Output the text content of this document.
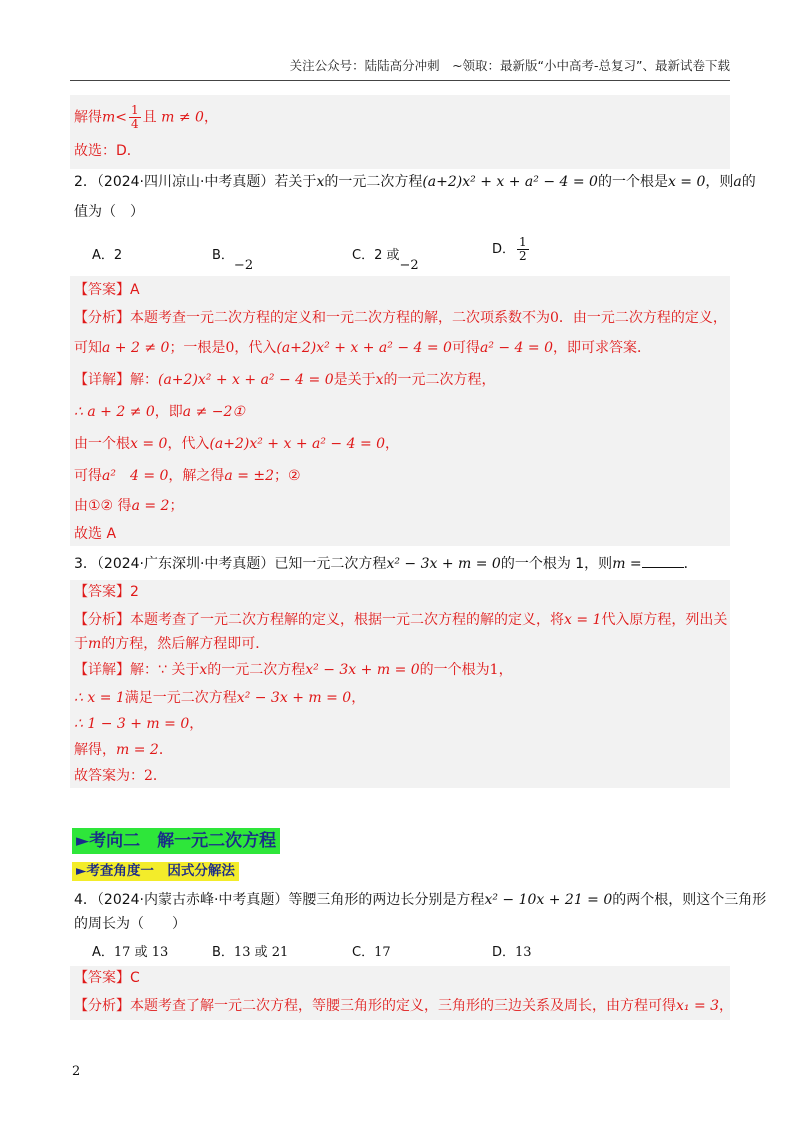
关注公众号：陆陆高分冲刺　~领取：最新版“小中高考-总复习”、最新试卷下载
解得$m< \frac{1}{4}$ 且 m ≠ 0，
故选：D．
2．（2024·四川凉山·中考真题）若关于x的一元二次方程(a+2)x² + x + a² − 4 = 0的一个根是x = 0，则a的
值为（　）
A．2	B．−2
C．2 或−2
D． $\frac{1}{2}$
【答案】A
【分析】本题考查一元二次方程的定义和一元二次方程的解，二次项系数不为0．由一元二次方程的定义，
可知a + 2 ≠ 0；一根是0，代入(a+2)x² + x + a² − 4 = 0可得a² − 4 = 0，即可求答案．
【详解】解：(a+2)x² + x + a² − 4 = 0是关于x的一元二次方程，
∴ a + 2 ≠ 0，即a ≠ −2①
由一个根x = 0，代入(a+2)x² + x + a² − 4 = 0，
可得a²　4 = 0，解之得a = ±2；②
由①② 得a = 2；
故选 A
3．（2024·广东深圳·中考真题）已知一元二次方程x² − 3x + m = 0的一个根为 1，则m =	．
【答案】2
【分析】本题考查了一元二次方程解的定义，根据一元二次方程的解的定义，将x = 1代入原方程，列出关
于m的方程，然后解方程即可．
【详解】解：∵ 关于x的一元二次方程x² − 3x + m = 0的一个根为1，
∴ x = 1满足一元二次方程x² − 3x + m = 0，
∴ 1 − 3 + m = 0，
解得，m = 2．
故答案为：2．
►考向二　解一元二次方程
►考查角度一　因式分解法
4．（2024·内蒙古赤峰·中考真题）等腰三角形的两边长分别是方程x² − 10x + 21 = 0的两个根，则这个三角形
的周长为（　　）
A．17 或 13	B．13 或 21	C．17	D．13
【答案】C
【分析】本题考查了解一元二次方程，等腰三角形的定义，三角形的三边关系及周长，由方程可得x₁ = 3，
2
